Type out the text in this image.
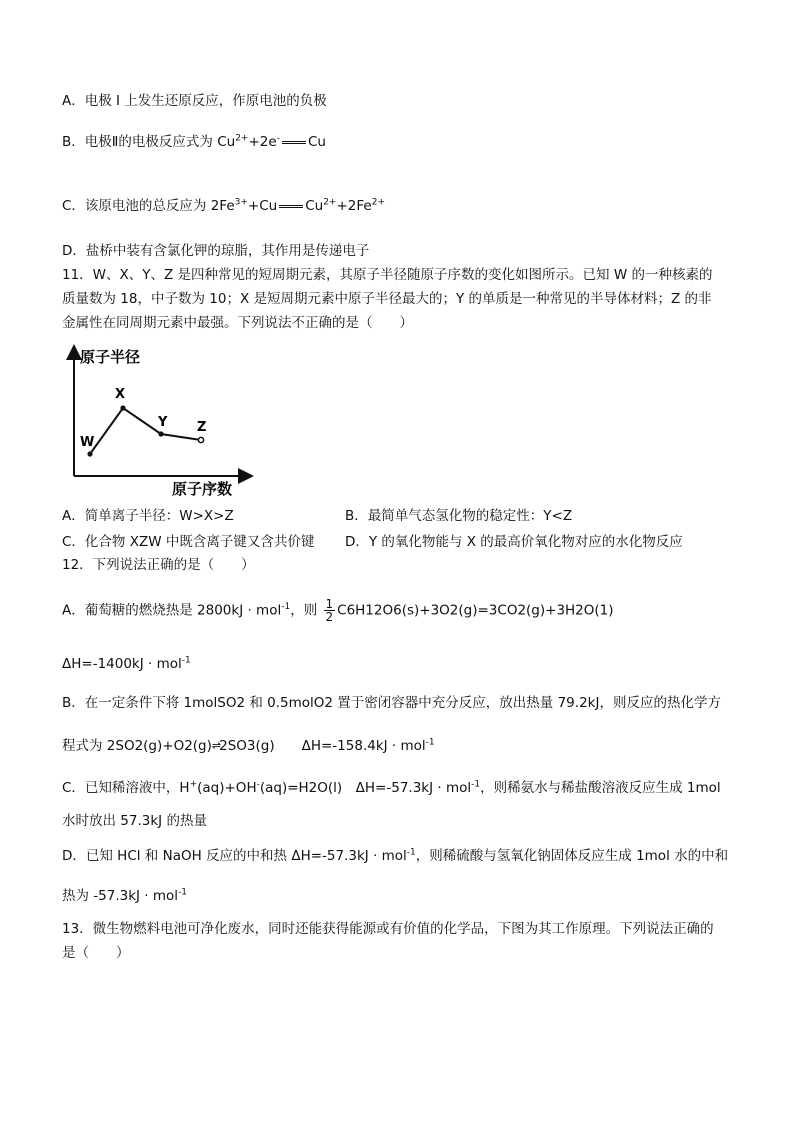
A．电极 I 上发生还原反应，作原电池的负极
B．电极Ⅱ的电极反应式为 $Cu^{2+}+2e^-$ Cu
C．该原电池的总反应为 $2Fe^{3+}+Cu$ $Cu^{2+}+2Fe^{2+}$
D．盐桥中装有含氯化钾的琼脂，其作用是传递电子
11．W、X、Y、Z 是四种常见的短周期元素，其原子半径随原子序数的变化如图所示。已知 W 的一种核素的
质量数为 18，中子数为 10；X 是短周期元素中原子半径最大的；Y 的单质是一种常见的半导体材料；Z 的非
金属性在同周期元素中最强。下列说法不正确的是（　　）
原子半径
原子序数
W
X
Y Z
A．简单离子半径：W>X>Z	B．最简单气态氢化物的稳定性：Y<Z
C．化合物 XZW 中既含离子键又含共价键 D．Y 的氧化物能与 X 的最高价氧化物对应的水化物反应
12．下列说法正确的是（　　）
A．葡萄糖的燃烧热是 2800kJ · mol$^{-1}$，则 $\frac{1}{2} C6H12O6(s)+3O2(g)=3CO2(g)+3H2O(1)$
ΔH=-1400kJ · mol$^{-1}$
B．在一定条件下将 1molSO2 和 0.5molO2 置于密闭容器中充分反应，放出热量 79.2kJ，则反应的热化学方
程式为 2SO2(g)+O2(g)⇌2SO3(g)　　ΔH=-158.4kJ · mol$^{-1}$
C．已知稀溶液中，H+(aq)+OH-(aq)=H2O(l)　ΔH=-57.3kJ · mol$^{-1}$，则稀氨水与稀盐酸溶液反应生成 1mol
水时放出 57.3kJ 的热量
D．已知 HCl 和 NaOH 反应的中和热 ΔH=-57.3kJ · mol$^{-1}$，则稀硫酸与氢氧化钠固体反应生成 1mol 水的中和
热为 -57.3kJ · mol$^{-1}$
13．微生物燃料电池可净化废水，同时还能获得能源或有价值的化学品，下图为其工作原理。下列说法正确的
是（　　）
